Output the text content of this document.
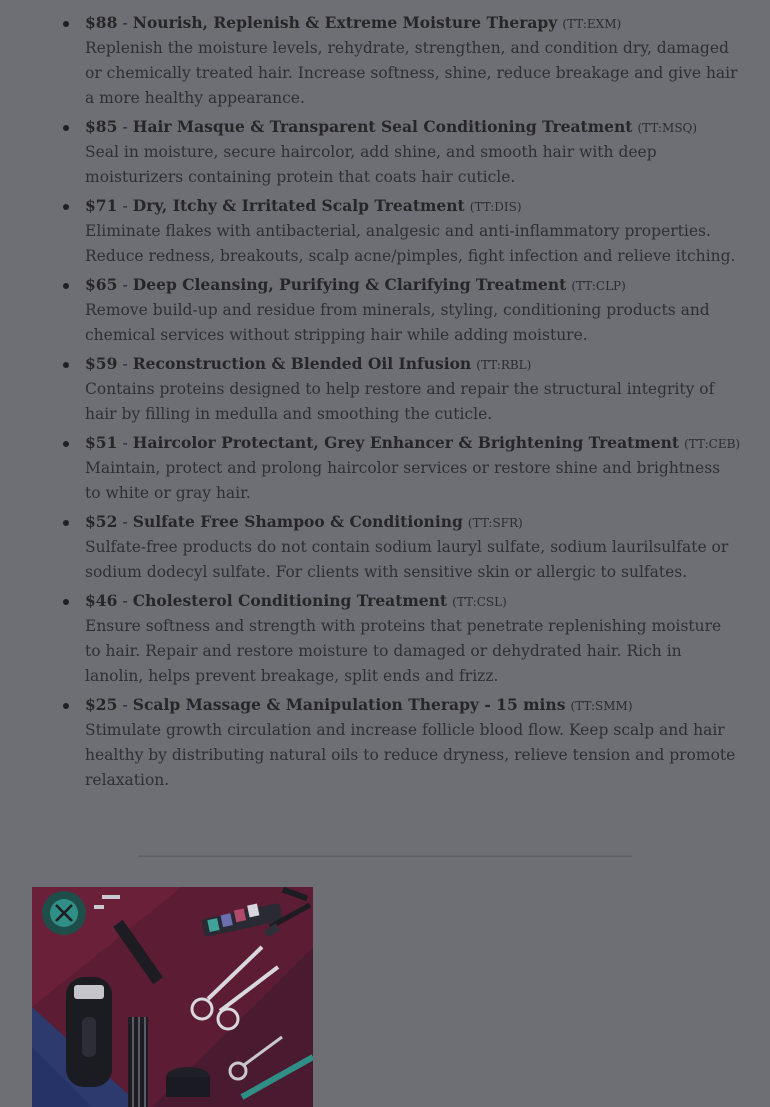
$88 - Nourish, Replenish & Extreme Moisture Therapy (TT:EXM)
Replenish the moisture levels, rehydrate, strengthen, and condition dry, damaged or chemically treated hair. Increase softness, shine, reduce breakage and give hair a more healthy appearance.
$85 - Hair Masque & Transparent Seal Conditioning Treatment (TT:MSQ)
Seal in moisture, secure haircolor, add shine, and smooth hair with deep moisturizers containing protein that coats hair cuticle.
$71 - Dry, Itchy & Irritated Scalp Treatment (TT:DIS)
Eliminate flakes with antibacterial, analgesic and anti-inflammatory properties. Reduce redness, breakouts, scalp acne/pimples, fight infection and relieve itching.
$65 - Deep Cleansing, Purifying & Clarifying Treatment (TT:CLP)
Remove build-up and residue from minerals, styling, conditioning products and chemical services without stripping hair while adding moisture.
$59 - Reconstruction & Blended Oil Infusion (TT:RBL)
Contains proteins designed to help restore and repair the structural integrity of hair by filling in medulla and smoothing the cuticle.
$51 - Haircolor Protectant, Grey Enhancer & Brightening Treatment (TT:CEB)
Maintain, protect and prolong haircolor services or restore shine and brightness to white or gray hair.
$52 - Sulfate Free Shampoo & Conditioning (TT:SFR)
Sulfate-free products do not contain sodium lauryl sulfate, sodium laurilsulfate or sodium dodecyl sulfate. For clients with sensitive skin or allergic to sulfates.
$46 - Cholesterol Conditioning Treatment (TT:CSL)
Ensure softness and strength with proteins that penetrate replenishing moisture to hair. Repair and restore moisture to damaged or dehydrated hair. Rich in lanolin, helps prevent breakage, split ends and frizz.
$25 - Scalp Massage & Manipulation Therapy - 15 mins (TT:SMM)
Stimulate growth circulation and increase follicle blood flow. Keep scalp and hair healthy by distributing natural oils to reduce dryness, relieve tension and promote relaxation.
